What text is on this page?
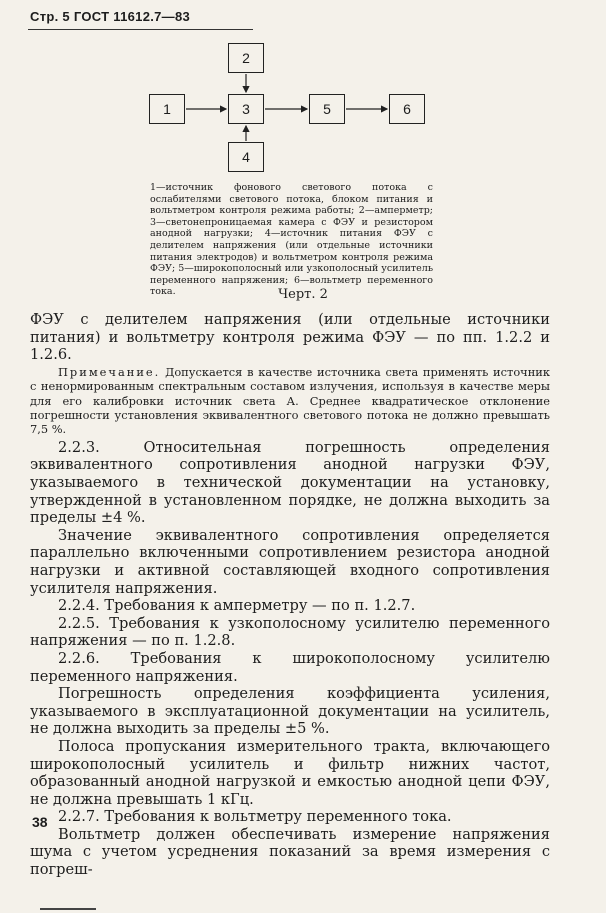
Стр. 5 ГОСТ 11612.7—83
1
2
3
4
5	6
1—источник фонового светового потока с ослабителями светового потока, блоком питания и вольтметром контроля режима работы; 2—амперметр; 3—светонепроницаемая камера с ФЭУ и резистором анодной нагрузки; 4—источник питания ФЭУ с делителем напряжения (или отдельные источники питания электродов) и вольтметром контроля режима ФЭУ; 5—широкополосный или узкополосный усилитель переменного напряжения; 6—вольтметр переменного тока.	Черт. 2

ФЭУ с делителем напряжения (или отдельные источники питания) и вольтметру контроля режима ФЭУ — по пп. 1.2.2 и 1.2.6.

Примечание. Допускается в качестве источника света применять источник с ненормированным спектральным составом излучения, используя в качестве меры для его калибровки источник света А. Среднее квадратическое отклонение погрешности установления эквивалентного светового потока не должно превышать 7,5 %.

2.2.3. Относительная погрешность определения эквивалентного сопротивления анодной нагрузки ФЭУ, указываемого в технической документации на установку, утвержденной в установленном порядке, не должна выходить за пределы ±4 %.

Значение эквивалентного сопротивления определяется параллельно включенными сопротивлением резистора анодной нагрузки и активной составляющей входного сопротивления усилителя напряжения.

2.2.4. Требования к амперметру — по п. 1.2.7.

2.2.5. Требования к узкополосному усилителю переменного напряжения — по п. 1.2.8.

2.2.6. Требования к широкополосному усилителю переменного напряжения.

Погрешность определения коэффициента усиления, указываемого в эксплуатационной документации на усилитель, не должна выходить за пределы ±5 %.

Полоса пропускания измерительного тракта, включающего широкополосный усилитель и фильтр нижних частот, образованный анодной нагрузкой и емкостью анодной цепи ФЭУ, не должна превышать 1 кГц.

2.2.7. Требования к вольтметру переменного тока.

Вольтметр должен обеспечивать измерение напряжения шума с учетом усреднения показаний за время измерения с погреш-

38
